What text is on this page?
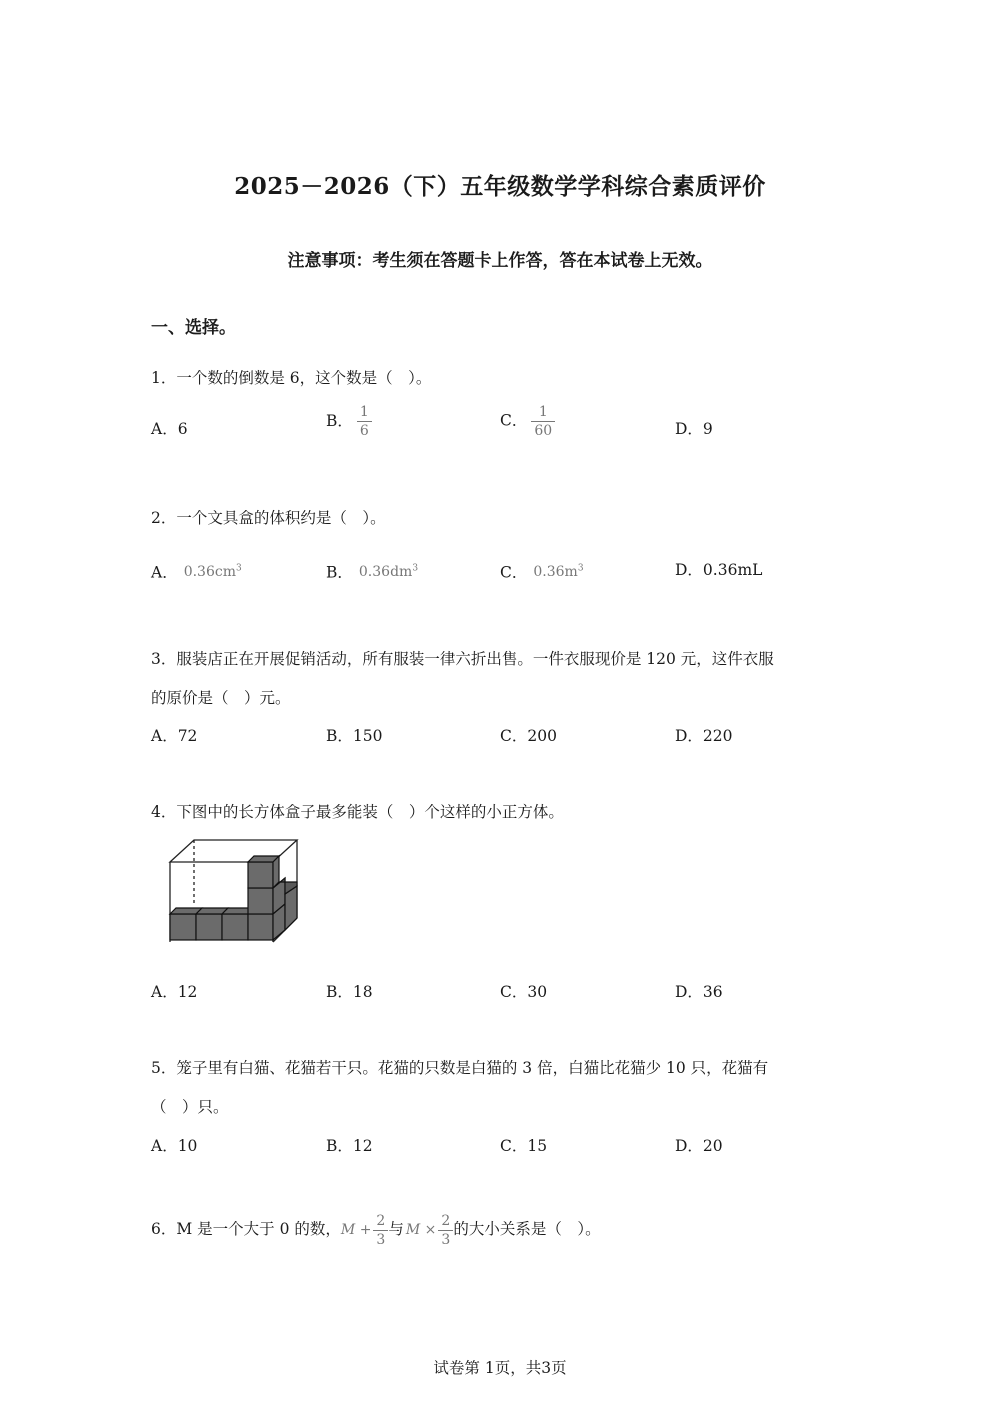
2025－2026（下）五年级数学学科综合素质评价
注意事项：考生须在答题卡上作答，答在本试卷上无效。
一、选择。
1．一个数的倒数是 6，这个数是（　）。
A．6	B． $\frac{1}{6}$	C． $\frac{1}{60}$	D．9
2．一个文具盒的体积约是（　）。
A． $0.36cm^3$	B． $0.36dm^3$	C． $0.36m^3$	D．0.36mL
3．服装店正在开展促销活动，所有服装一律六折出售。一件衣服现价是 120 元，这件衣服
的原价是（　）元。
A．72	B．150	C．200	D．220
4．下图中的长方体盒子最多能装（　）个这样的小正方体。
A．12	B．18	C．30	D．36
5．笼子里有白猫、花猫若干只。花猫的只数是白猫的 3 倍，白猫比花猫少 10 只，花猫有
（　）只。
A．10	B．12	C．15	D．20
6．M 是一个大于 0 的数，$M + \frac{2}{3}$ 与 $M \times \frac{2}{3}$ 的大小关系是（　）。
试卷第 1页，共3页
